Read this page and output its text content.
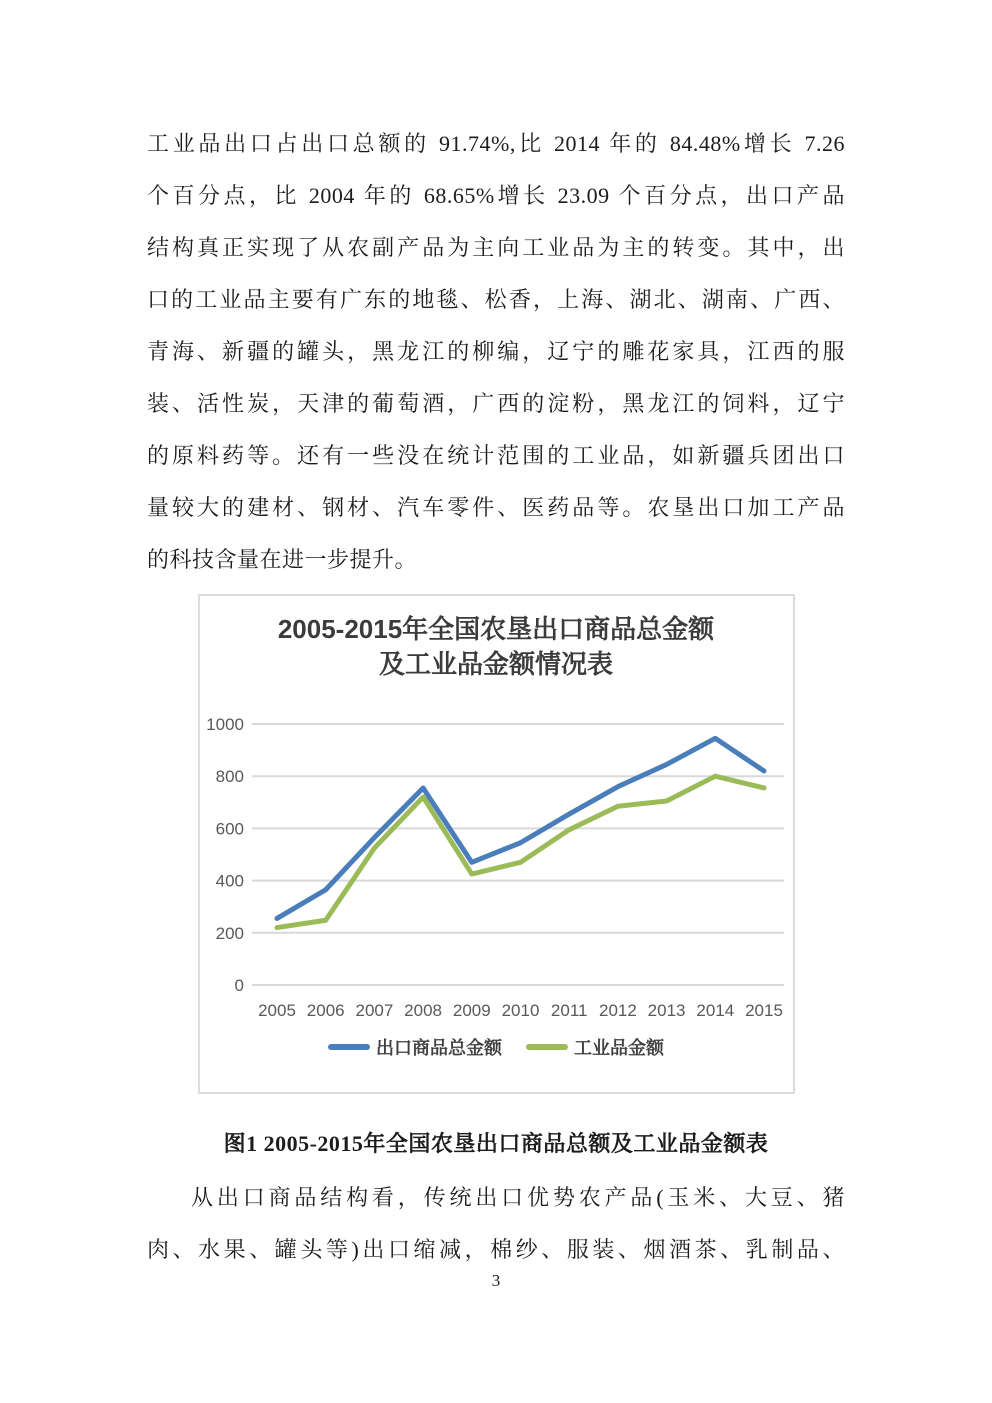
工业品出口占出口总额的 91.74%,比 2014 年的 84.48%增长 7.26
个百分点，比 2004 年的 68.65%增长 23.09 个百分点，出口产品
结构真正实现了从农副产品为主向工业品为主的转变。其中，出
口的工业品主要有广东的地毯、松香，上海、湖北、湖南、广西、
青海、新疆的罐头，黑龙江的柳编，辽宁的雕花家具，江西的服
装、活性炭，天津的葡萄酒，广西的淀粉，黑龙江的饲料，辽宁
的原料药等。还有一些没在统计范围的工业品，如新疆兵团出口
量较大的建材、钢材、汽车零件、医药品等。农垦出口加工产品
的科技含量在进一步提升。
0
200
400
600
800
1000
2005 2006 2007 2008 2009 2010 2011 2012 2013 2014 2015
2005-2015年全国农垦出口商品总金额
及工业品金额情况表
出口商品总金额	工业品金额
图1 2005-2015年全国农垦出口商品总额及工业品金额表
从出口商品结构看，传统出口优势农产品(玉米、大豆、猪
肉、水果、罐头等)出口缩减，棉纱、服装、烟酒茶、乳制品、
3
